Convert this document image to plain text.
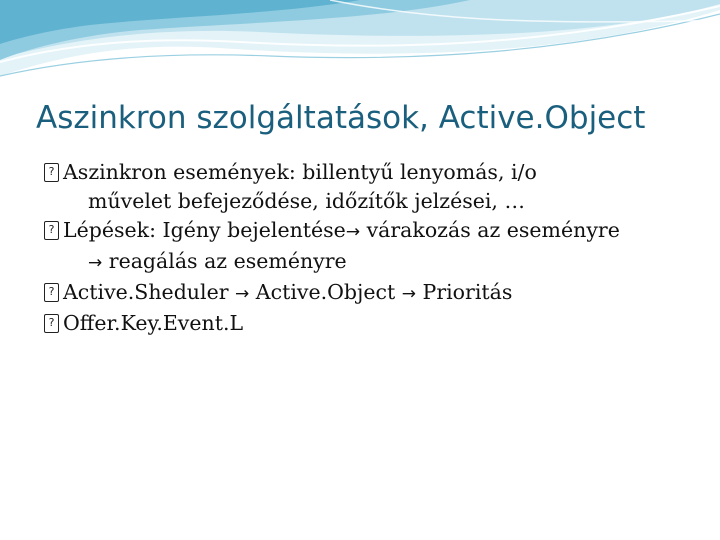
Aszinkron szolgáltatások, Active.Object
? Aszinkron események: billentyű lenyomás, i/o
művelet befejeződése, időzítők jelzései, …
? Lépések: Igény bejelentése→ várakozás az eseményre
→ reagálás az eseményre
? Active.Sheduler → Active.Object → Prioritás
? Offer.Key.Event.L
